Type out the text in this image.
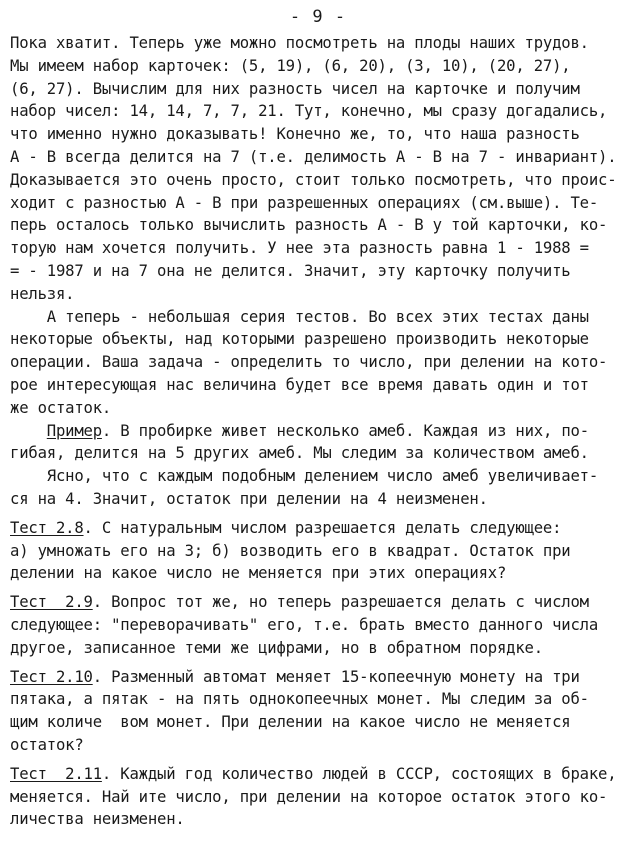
- 9 -
Пока хватит. Теперь уже можно посмотреть на плоды наших трудов.
Мы имеем набор карточек: (5, 19), (6, 20), (3, 10), (20, 27),
(6, 27). Вычислим для них разность чисел на карточке и получим
набор чисел: 14, 14, 7, 7, 21. Тут, конечно, мы сразу догадались,
что именно нужно доказывать! Конечно же, то, что наша разность
А - В всегда делится на 7 (т.е. делимость А - В на 7 - инвариант).
Доказывается это очень просто, стоит только посмотреть, что проис-
ходит с разностью А - В при разрешенных операциях (см.выше). Те-
перь осталось только вычислить разность А - В у той карточки, ко-
торую нам хочется получить. У нее эта разность равна 1 - 1988 =
= - 1987 и на 7 она не делится. Значит, эту карточку получить
нельзя.
А теперь - небольшая серия тестов. Во всех этих тестах даны
некоторые объекты, над которыми разрешено производить некоторые
операции. Ваша задача - определить то число, при делении на кото-
рое интересующая нас величина будет все время давать один и тот
же остаток.
Пример. В пробирке живет несколько амеб. Каждая из них, по-
гибая, делится на 5 других амеб. Мы следим за количеством амеб.
Ясно, что с каждым подобным делением число амеб увеличивает-
ся на 4. Значит, остаток при делении на 4 неизменен.
Тест 2.8. С натуральным числом разрешается делать следующее:
а) умножать его на 3; б) возводить его в квадрат. Остаток при
делении на какое число не меняется при этих операциях?
Тест  2.9. Вопрос тот же, но теперь разрешается делать с числом
следующее: "переворачивать" его, т.е. брать вместо данного числа
другое, записанное теми же цифрами, но в обратном порядке.
Тест 2.10. Разменный автомат меняет 15-копеечную монету на три
пятака, а пятак - на пять однокопеечных монет. Мы следим за об-
щим количе  вом монет. При делении на какое число не меняется
остаток?
Тест  2.11. Каждый год количество людей в СССР, состоящих в браке,
меняется. Най ите число, при делении на которое остаток этого ко-
личества неизменен.
